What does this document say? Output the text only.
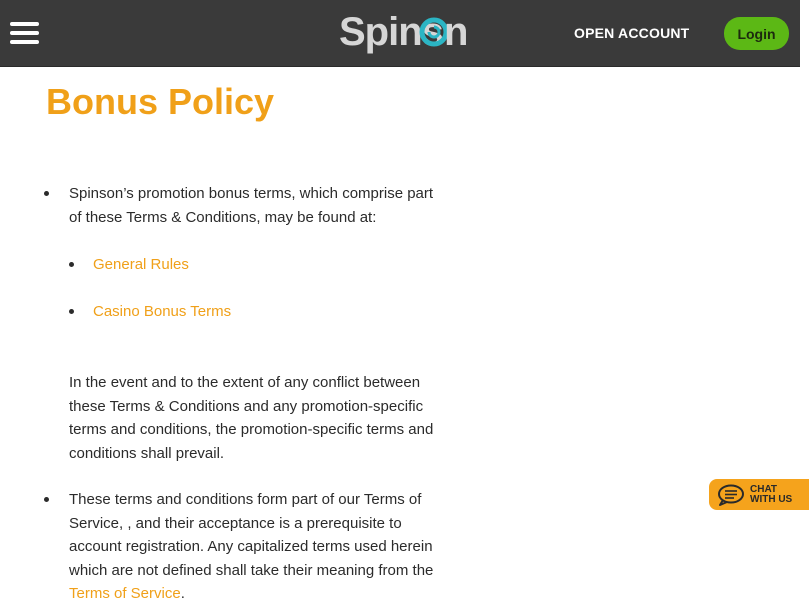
Spins n	OPEN ACCOUNT	Login
Bonus Policy

Spinson’s promotion bonus terms, which comprise part of these Terms & Conditions, may be found at:

General Rules
Casino Bonus Terms

In the event and to the extent of any conflict between these Terms & Conditions and any promotion-specific terms and conditions, the promotion-specific terms and conditions shall prevail.

These terms and conditions form part of our Terms of Service, , and their acceptance is a prerequisite to account registration. Any capitalized terms used herein which are not defined shall take their meaning from the Terms of Service.

CHAT
WITH US
